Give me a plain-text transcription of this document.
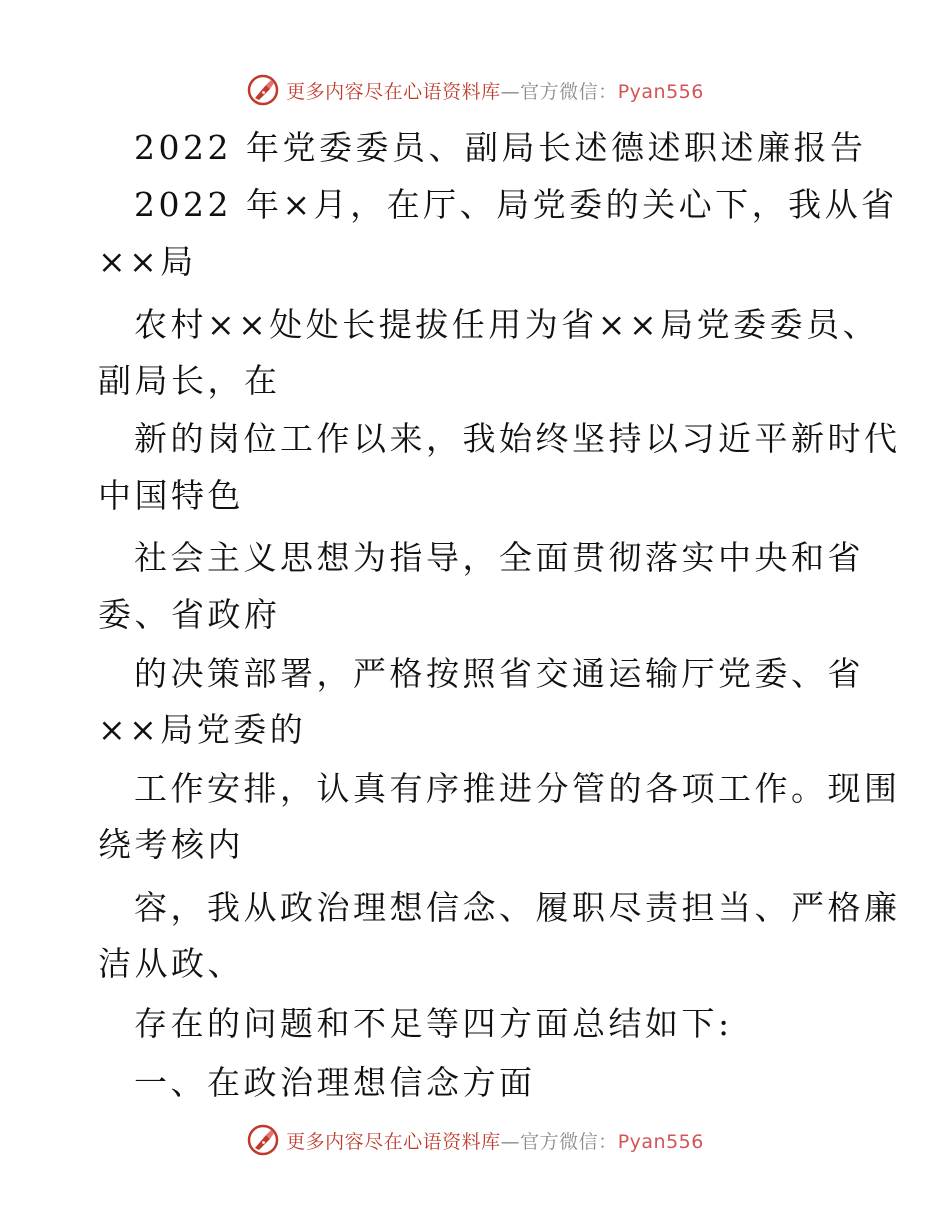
更多内容尽在心语资料库—官方微信：Pyan556
2022 年党委委员、副局长述德述职述廉报告
2022 年×月，在厅、局党委的关心下，我从省
××局
农村××处处长提拔任用为省××局党委委员、
副局长，在
新的岗位工作以来，我始终坚持以习近平新时代
中国特色
社会主义思想为指导，全面贯彻落实中央和省
委、省政府
的决策部署，严格按照省交通运输厅党委、省
××局党委的
工作安排，认真有序推进分管的各项工作。现围
绕考核内
容，我从政治理想信念、履职尽责担当、严格廉
洁从政、
存在的问题和不足等四方面总结如下:
一、在政治理想信念方面
更多内容尽在心语资料库—官方微信：Pyan556
